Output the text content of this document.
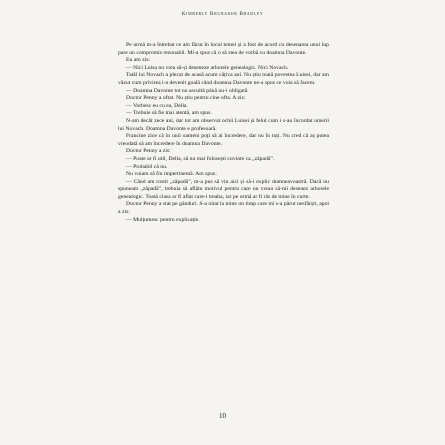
Kimberly Brubaker Bradley

Pe urmă m-a întrebat ce am făcut în locul temei și a fost de acord cu desenarea unui lup pare un compromis rezonabil. Mi-a spus că o să stea de vorbă cu doamna Davonte.

Eu am zis:

— Nici Luisa nu vrea să-și deseneze arborele genealogic. Nici Novach.

Tatăl lui Novach a plecat de acasă acum câțiva ani. Nu știu toată povestea Luisei, dar am văzut cum privirea i-a devenit goală când doamna Davonte ne-a spus ce voia să facem.

— Doamna Davonte tot nu ascultă până nu-i obligată.

Doctor Penny a oftat. Nu știu pentru cine ofta. A zis:

— Vorbesc eu cu ea, Della.

— Trebuie să fie mai atentă, am spus.

N-am decât zece ani, dar tot am observat ochii Luisei și felul cum i s-au încordat umerii lui Novach. Doamna Davonte e profesoară.

Francine zice că în unii oameni poți să ai încredere, dar nu în toți. Nu cred că aș putea vreodată să am încredere în doamna Davonte.

Doctor Penny a zis:

— Poate ar fi util, Della, să nu mai folosești cuvinte ca „zăpadă”.

— Probabil că nu.

Nu voiam să fiu impertinentă. Am spus:

— Când am rostit „zăpadă”, m-a pus să vin aici și să-i explic dumneavoastră. Dacă nu spuneam „zăpadă”, trebuia să aflăm motivul pentru care nu vreau să-mi desenez arborele genealogic. Toată clasa ar fi aflat care-i treaba, iar pe urmă ar fi râs de mine în curte.

Doctor Penny a stat pe gânduri. S-a uitat la mine un timp care mi s-a părut nesfârșit, apoi a zis:

— Mulțumesc pentru explicație.

10
